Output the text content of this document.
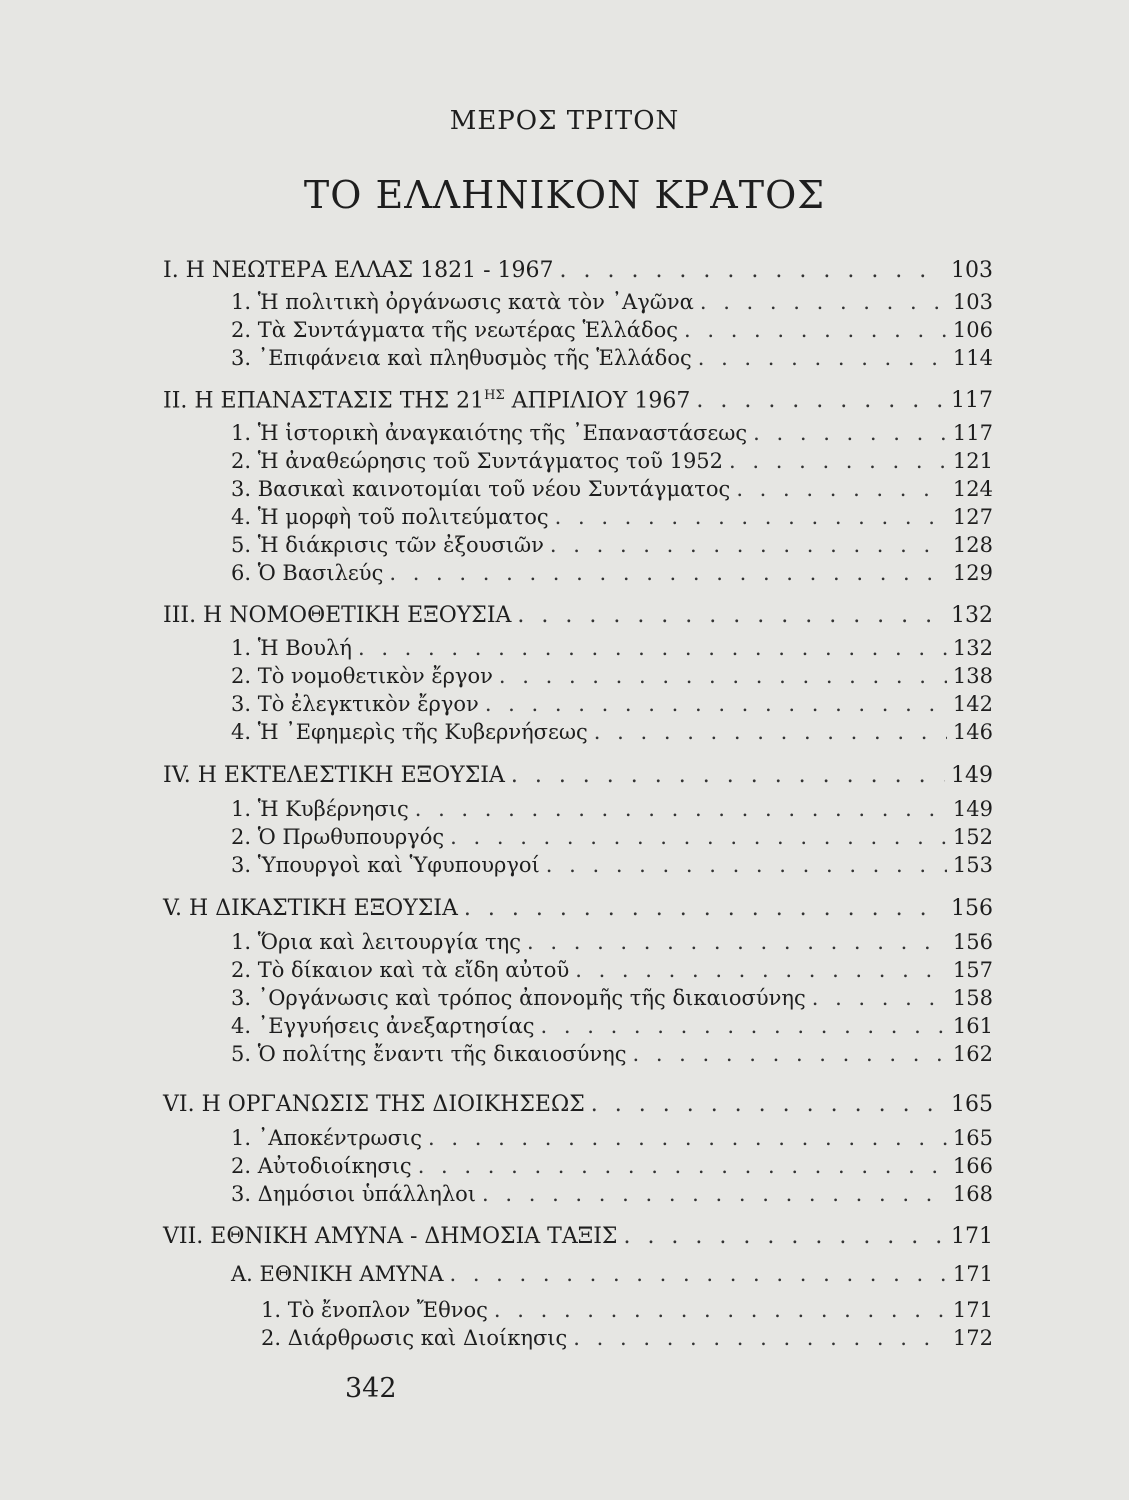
ΜΕΡΟΣ ΤΡΙΤΟΝ
ΤΟ ΕΛΛΗΝΙΚΟΝ ΚΡΑΤΟΣ
I. Η ΝΕΩΤΕΡΑ ΕΛΛΑΣ 1821 - 1967 . . .	103
1. Ἡ πολιτικὴ ὀργάνωσις κατὰ τὸν ᾿Αγῶνα . . .	103
2. Τὰ Συντάγματα τῆς νεωτέρας Ἑλλάδος . . .	106
3. ᾿Επιφάνεια καὶ πληθυσμὸς τῆς Ἑλλάδος . . .	114
II. Η ΕΠΑΝΑΣΤΑΣΙΣ ΤΗΣ $21^{H\Sigma}$ ΑΠΡΙΛΙΟΥ 1967 . . .	117
1. Ἡ ἱστορικὴ ἀναγκαιότης τῆς ᾿Επαναστάσεως . . .	117
2. Ἡ ἀναθεώρησις τοῦ Συντάγματος τοῦ 1952 . . .	121
3. Βασικαὶ καινοτομίαι τοῦ νέου Συντάγματος . . .	124
4. Ἡ μορφὴ τοῦ πολιτεύματος . . .	127
5. Ἡ διάκρισις τῶν ἐξουσιῶν . . .	128
6. Ὁ Βασιλεύς . . .	129
III. Η ΝΟΜΟΘΕΤΙΚΗ ΕΞΟΥΣΙΑ . . .	132
1. Ἡ Βουλή . . .	132
2. Τὸ νομοθετικὸν ἔργον . . .	138
3. Τὸ ἐλεγκτικὸν ἔργον . . .	142
4. Ἡ ᾿Εφημερὶς τῆς Κυβερνήσεως . . .	146
IV. Η ΕΚΤΕΛΕΣΤΙΚΗ ΕΞΟΥΣΙΑ . . .	149
1. Ἡ Κυβέρνησις . . .	149
2. Ὁ Πρωθυπουργός . . .	152
3. Ὑπουργοὶ καὶ Ὑφυπουργοί . . .	153
V. Η ΔΙΚΑΣΤΙΚΗ ΕΞΟΥΣΙΑ . . .	156
1. Ὅρια καὶ λειτουργία της . . .	156
2. Τὸ δίκαιον καὶ τὰ εἴδη αὐτοῦ . . .	157
3. ᾿Οργάνωσις καὶ τρόπος ἀπονομῆς τῆς δικαιοσύνης . . .	158
4. ᾿Εγγυήσεις ἀνεξαρτησίας . . .	161
5. Ὁ πολίτης ἔναντι τῆς δικαιοσύνης . . .	162
VI. Η ΟΡΓΑΝΩΣΙΣ ΤΗΣ ΔΙΟΙΚΗΣΕΩΣ . . .	165
1. ᾿Αποκέντρωσις . . .	165
2. Αὐτοδιοίκησις . . .	166
3. Δημόσιοι ὑπάλληλοι . . .	168
VII. ΕΘΝΙΚΗ ΑΜΥΝΑ - ΔΗΜΟΣΙΑ ΤΑΞΙΣ . . .	171
Α. ΕΘΝΙΚΗ ΑΜΥΝΑ . . .	171
1. Τὸ ἔνοπλον Ἔθνος . . .	171
2. Διάρθρωσις καὶ Διοίκησις . . .	172
342
